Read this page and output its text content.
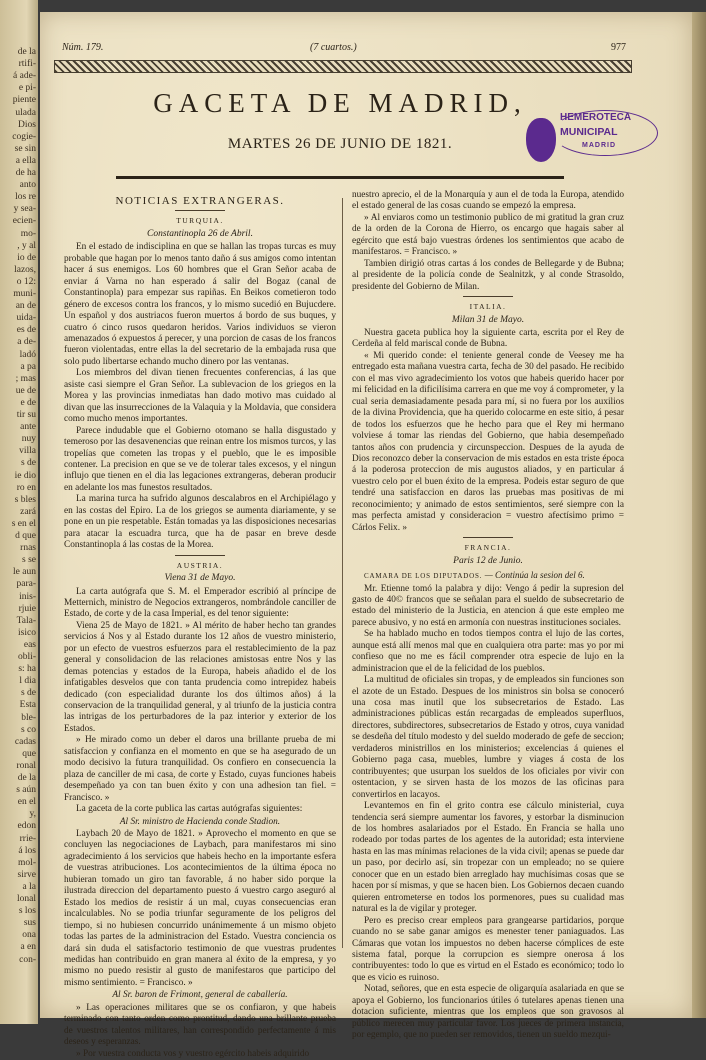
de la
rtifi-
á ade-
e pi-
piente
ulada
Dios
cogie-
se sin
a ella
de ha
anto
los re
y sea-
ecien-
mo-
, y al
io de
lazos,
o 12:
muni-
an de
uida-
es de
a de-
ladó
a pa
; mas
ue de
e de
tir su
ante
nuy
villa
s de
ie dio
ro en
s bles
zará
s en el
d que
rnas
s se
le aun
para-
inis-
rjuie
Tala-
isico
eas
obli-
s: ha
l dia
s de
Esta
ble-
s co
cadas
que
ronal
de la
s aún
en el
y,
edon
rrie-
á los
mol-
sirve
a la
lonal
s los
sus
ona
a en
con-
Núm. 179.	(7 cuartos.)	977
GACETA DE MADRID,
MARTES 26 DE JUNIO DE 1821.
HEMEROTECA
MUNICIPAL
MADRID
NOTICIAS EXTRANGERAS.
TURQUIA.
Constantinopla 26 de Abril.

En el estado de indisciplina en que se hallan las tropas turcas es muy probable que hagan por lo menos tanto daño á sus amigos como intentan hacer á sus enemigos. Los 60 hombres que el Gran Señor acaba de enviar á Varna no han esperado á salir del Bogaz (canal de Constantinopla) para empezar sus rapiñas. En Beikos cometieron todo género de excesos contra los francos, y lo mismo sucedió en Bujucdere. Un español y dos austriacos fueron muertos á bordo de sus buques, y cuatro ó cinco rusos quedaron heridos. Varios individuos se vieron amenazados ó expuestos á perecer, y una porcion de casas de los francos fueron violentadas, entre ellas la del secretario de la embajada rusa que solo pudo libertarse echando mucho dinero por las ventanas.

Los miembros del divan tienen frecuentes conferencias, á las que asiste casi siempre el Gran Señor. La sublevacion de los griegos en la Morea y las provincias inmediatas han dado motivo mas cuidado al divan que las insurrecciones de la Valaquia y la Moldavia, que considera como mucho menos importantes.

Parece indudable que el Gobierno otomano se halla disgustado y temeroso por las desavenencias que reinan entre los mismos turcos, y las tropelías que cometen las tropas y el pueblo, que le es imposible contener. La precision en que se ve de tolerar tales excesos, y el ningun influjo que tienen en el dia las legaciones extrangeras, deberan producir en adelante los mas funestos resultados.

La marina turca ha sufrido algunos descalabros en el Archipiélago y en las costas del Epiro. La de los griegos se aumenta diariamente, y se pone en un pie respetable. Están tomadas ya las disposiciones necesarias para atacar la escuadra turca, que ha de pasar en breve desde Constantinopla á las costas de la Morea.

AUSTRIA.
Viena 31 de Mayo.

La carta autógrafa que S. M. el Emperador escribió al príncipe de Metternich, ministro de Negocios extrangeros, nombrándole canciller de Estado, de corte y de la casa Imperial, es del tenor siguiente:

Viena 25 de Mayo de 1821. » Al mérito de haber hecho tan grandes servicios á Nos y al Estado durante los 12 años de vuestro ministerio, por un efecto de vuestros esfuerzos para el restablecimiento de la paz general y consolidacion de las relaciones amistosas entre Nos y las demas potencias y estados de la Europa, habeis añadido el de los infatigables desvelos que con tanta prudencia como intrepidez habeis dedicado (con especialidad durante los dos últimos años) á la conservacion de la tranquilidad general, y al triunfo de la justicia contra las intrigas de los perturbadores de la paz interior y exterior de los Estados.

» He mirado como un deber el daros una brillante prueba de mi satisfaccion y confianza en el momento en que se ha asegurado de un modo decisivo la futura tranquilidad. Os confiero en consecuencia la plaza de canciller de mi casa, de corte y Estado, cuyas funciones habeis desempeñado ya con tan buen éxito y con una adhesion tan fiel. = Francisco. »

La gaceta de la corte publica las cartas autógrafas siguientes:

Al Sr. ministro de Hacienda conde Stadion.

Laybach 20 de Mayo de 1821. » Aprovecho el momento en que se concluyen las negociaciones de Laybach, para manifestaros mi sino agradecimiento á los servicios que habeis hecho en la importante esfera de vuestras atribuciones. Los acontecimientos de la última época no hubieran tomado un giro tan favorable, á no haber sido porque la ilustrada direccion del departamento puesto á vuestro cargo aseguró al Estado los medios de resistir á un mal, cuyas consecuencias eran incalculables. No se podia triunfar seguramente de los peligros del tiempo, si no hubiesen concurrido unánimemente á un mismo objeto todas las partes de la administracion del Estado. Vuestra conciencia os dará sin duda el satisfactorio testimonio de que vuestras prudentes medidas han contribuido en gran manera al éxito de la empresa, y yo mismo no puedo resistir al gusto de manifestaros que participo del mismo sentimiento. = Francisco. »

Al Sr. baron de Frimont, general de caballería.

» Las operaciones militares que se os confiaron, y que habeis terminado con tanto orden como prontitud, dando una brillante prueba de vuestros talentos militares, han correspondido perfectamente á mis deseos y esperanzas.

» Por vuestra conducta vos y vuestro egército habeis adquirido

nuestro aprecio, el de la Monarquía y aun el de toda la Europa, atendido el estado general de las cosas cuando se empezó la empresa.

» Al enviaros como un testimonio publico de mi gratitud la gran cruz de la orden de la Corona de Hierro, os encargo que hagais saber al egército que está bajo vuestras órdenes los sentimientos que acabo de manifestaros. = Francisco. »

Tambien dirigió otras cartas á los condes de Bellegarde y de Bubna; al presidente de la policía conde de Sealnitzk, y al conde Strasoldo, presidente del Gobierno de Milan.

ITALIA.
Milan 31 de Mayo.

Nuestra gaceta publica hoy la siguiente carta, escrita por el Rey de Cerdeña al feld mariscal conde de Bubna.

« Mi querido conde: el teniente general conde de Veesey me ha entregado esta mañana vuestra carta, fecha de 30 del pasado. He recibido con el mas vivo agradecimiento los votos que habeis querido hacer por mi felicidad en la dificilísima carrera en que me voy á comprometer, y la cual seria demasiadamente pesada para mí, si no fuera por los auxilios de la divina Providencia, que ha querido colocarme en este sitio, á pesar de todos los esfuerzos que he hecho para que el Rey mi hermano volviese á tomar las riendas del Gobierno, que habia desempeñado tantos años con prudencia y circunspeccion. Despues de la ayuda de Dios reconozco deber la conservacion de mis estados en esta triste época á la poderosa proteccion de mis augustos aliados, y en particular á vuestro celo por el buen éxito de la empresa. Podeis estar seguro de que tendré una satisfaccion en daros las pruebas mas positivas de mi reconocimiento; y animado de estos sentimientos, seré siempre con la mas perfecta amistad y consideracion = vuestro afectísimo primo = Cárlos Felix. »

FRANCIA.
Paris 12 de Junio.
CAMARA DE LOS DIPUTADOS. — Continúa la sesion del 6.

Mr. Etienne tomó la palabra y dijo: Vengo á pedir la supresion del gasto de 40© francos que se señalan para el sueldo de subsecretario de estado del ministerio de la Justicia, en atencion á que este empleo me parece abusivo, y no está en armonía con nuestras instituciones sociales.

Se ha hablado mucho en todos tiempos contra el lujo de las cortes, aunque está allí menos mal que en cualquiera otra parte: mas yo por mi confieso que no me es fácil comprender otra especie de lujo en la administracion que el de la felicidad de los pueblos.

La multitud de oficiales sin tropas, y de empleados sin funciones son el azote de un Estado. Despues de los ministros sin bolsa se conoceró una cosa mas inutil que los subsecretarios de Estado. Las administraciones públicas están recargadas de empleados superfluos, directores, subdirectores, subsecretarios de Estado y otros, cuya vanidad se desdeña del título modesto y del sueldo moderado de gefe de seccion; verdaderos ministrillos en los ministerios; excelencias á quienes el Gobierno paga casa, muebles, lumbre y viages á costa de los contribuyentes; que usurpan los sueldos de los oficiales por vivir con ostentacion, y se sirven hasta de los mozos de las oficinas para convertirlos en lacayos.

Levantemos en fin el grito contra ese cálculo ministerial, cuya tendencia será siempre aumentar los favores, y estorbar la disminucion de los hombres asalariados por el Estado. En Francia se halla uno rodeado por todas partes de los agentes de la autoridad; esta interviene hasta en las mas mínimas relaciones de la vida civil; apenas se puede dar un paso, por decirlo así, sin tropezar con un empleado; no se quiere conocer que en un estado bien arreglado hay muchísimas cosas que se hacen por sí mismas, y que se hacen bien. Los Gobiernos decaen cuando quieren entrometerse en todos los pormenores, pues su cualidad mas natural es la de vigilar y proteger.

Pero es preciso crear empleos para grangearse partidarios, porque cuando no se sabe ganar amigos es menester tener paniaguados. Las Cámaras que votan los impuestos no deben hacerse cómplices de este sistema fatal, porque la corrupcion es siempre onerosa á los contribuyentes: todo lo que es virtud en el Estado es económico; todo lo que es vicio es ruinoso.

Notad, señores, que en esta especie de oligarquía asalariada en que se apoya el Gobierno, los funcionarios útiles ó tutelares apenas tienen una dotacion suficiente, mientras que los empleos que son gravosos al público merecen muy particular favor. Los jueces de primera instancia, por egemplo, que no pueden ser removidos, tienen un sueldo mezqui-
